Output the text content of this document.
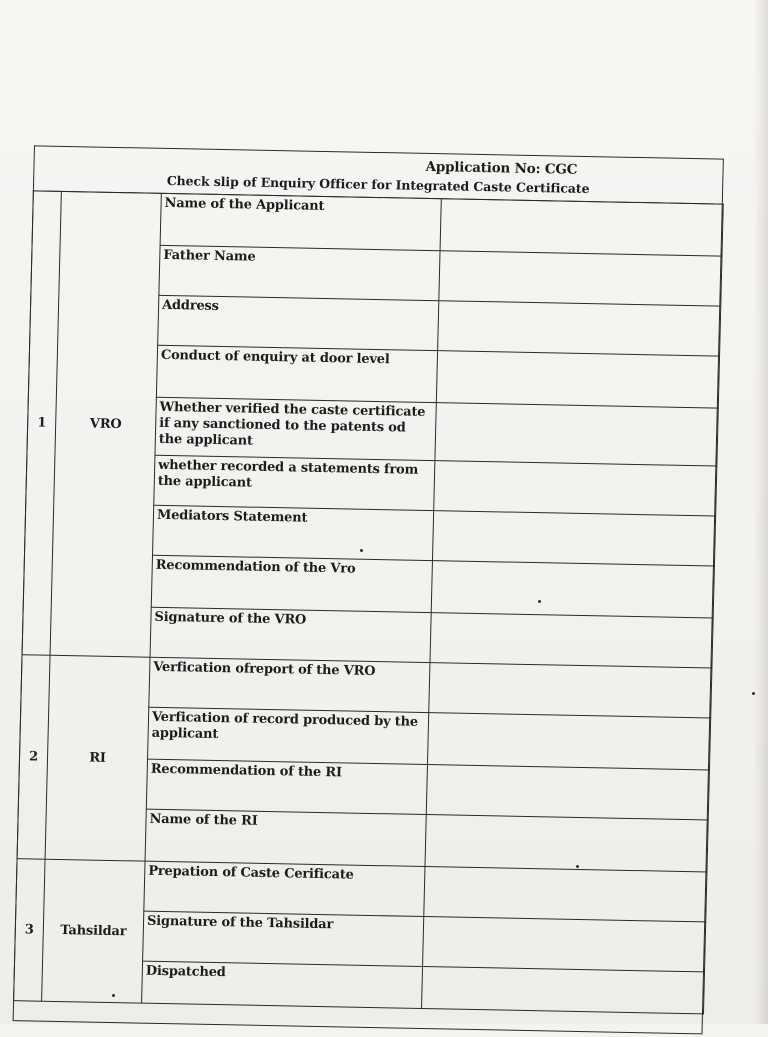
Application No: CGC
Check slip of Enquiry Officer for Integrated Caste Certificate
1	VRO	Name of the Applicant	
		Father Name	
		Address	
		Conduct of enquiry at door level	
		Whether verified the caste certificate if any sanctioned to the patents od the applicant	
		whether recorded a statements from the applicant	
		Mediators Statement	
		Recommendation of the Vro	
		Signature of the VRO	
2	RI	Verfication ofreport of the VRO	
		Verfication of record produced by the applicant	
		Recommendation of the RI	
		Name of the RI	
3	Tahsildar	Prepation of Caste Cerificate	
		Signature of the Tahsildar	
		Dispatched	
